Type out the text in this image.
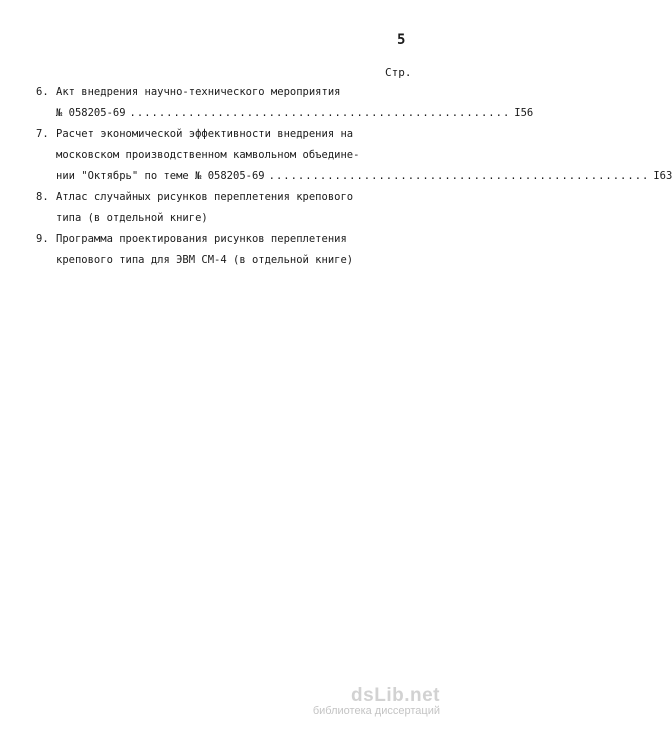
5
Стр.
6. Акт внедрения научно-технического мероприятия
№ 058205-69 .................................................... I56
7. Расчет экономической эффективности внедрения на
московском производственном камвольном объедине-
нии "Октябрь" по теме № 058205-69 .................................................... I63
8. Атлас случайных рисунков переплетения крепового
типа (в отдельной книге)
9. Программа проектирования рисунков переплетения
крепового типа для ЭВМ СМ-4 (в отдельной книге)
dsLib.net
библиотека диссертаций
